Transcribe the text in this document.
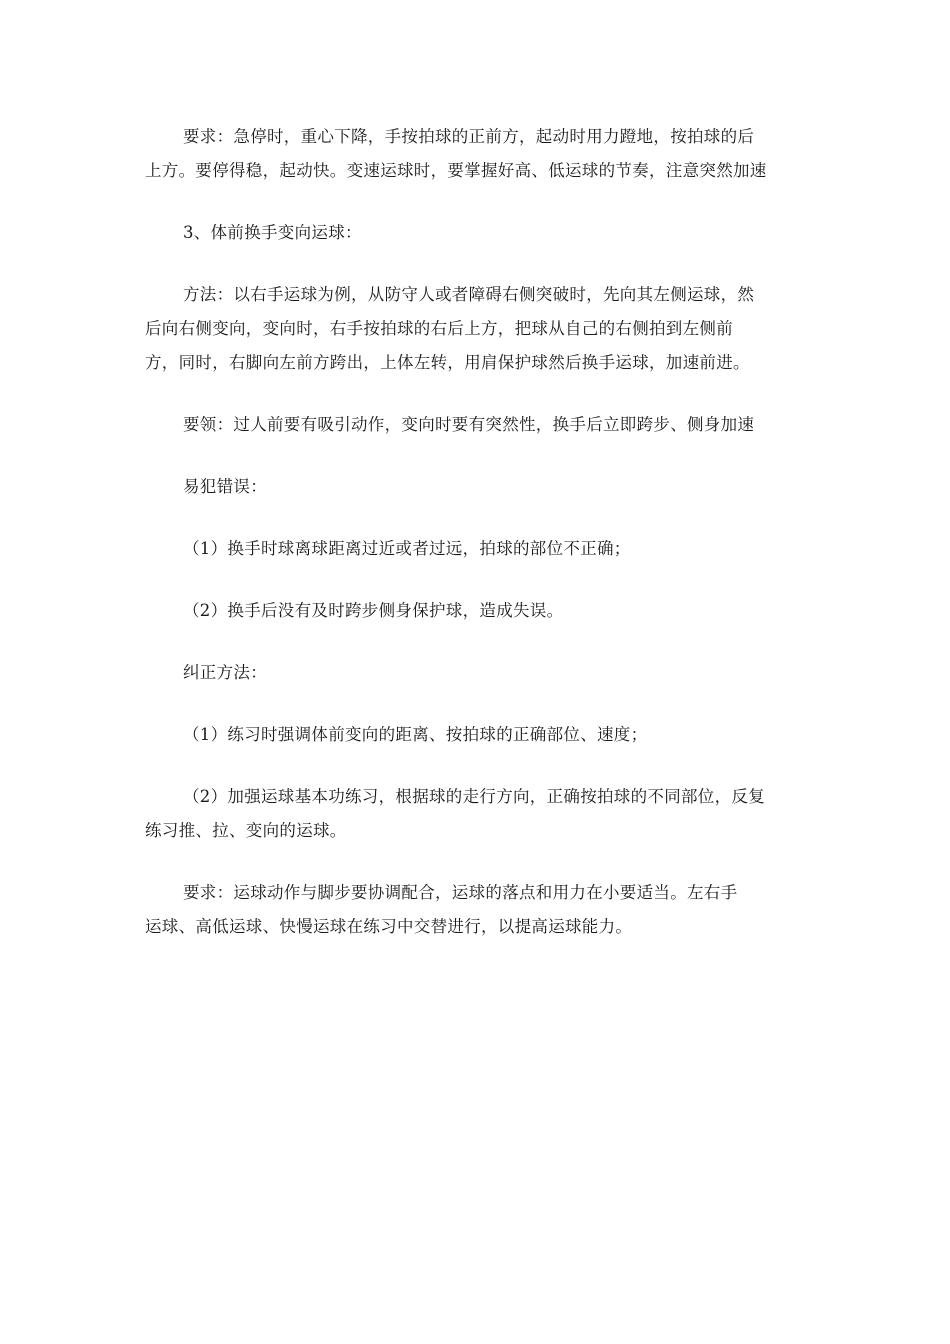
要求：急停时，重心下降，手按拍球的正前方，起动时用力蹬地，按拍球的后
上方。要停得稳，起动快。变速运球时，要掌握好高、低运球的节奏，注意突然加速

3、体前换手变向运球：

方法：以右手运球为例，从防守人或者障碍右侧突破时，先向其左侧运球，然
后向右侧变向，变向时，右手按拍球的右后上方，把球从自己的右侧拍到左侧前
方，同时，右脚向左前方跨出，上体左转，用肩保护球然后换手运球，加速前进。

要领：过人前要有吸引动作，变向时要有突然性，换手后立即跨步、侧身加速

易犯错误：

（1）换手时球离球距离过近或者过远，拍球的部位不正确；

（2）换手后没有及时跨步侧身保护球，造成失误。

纠正方法：

（1）练习时强调体前变向的距离、按拍球的正确部位、速度；

（2）加强运球基本功练习，根据球的走行方向，正确按拍球的不同部位，反复
练习推、拉、变向的运球。

要求：运球动作与脚步要协调配合，运球的落点和用力在小要适当。左右手
运球、高低运球、快慢运球在练习中交替进行，以提高运球能力。
